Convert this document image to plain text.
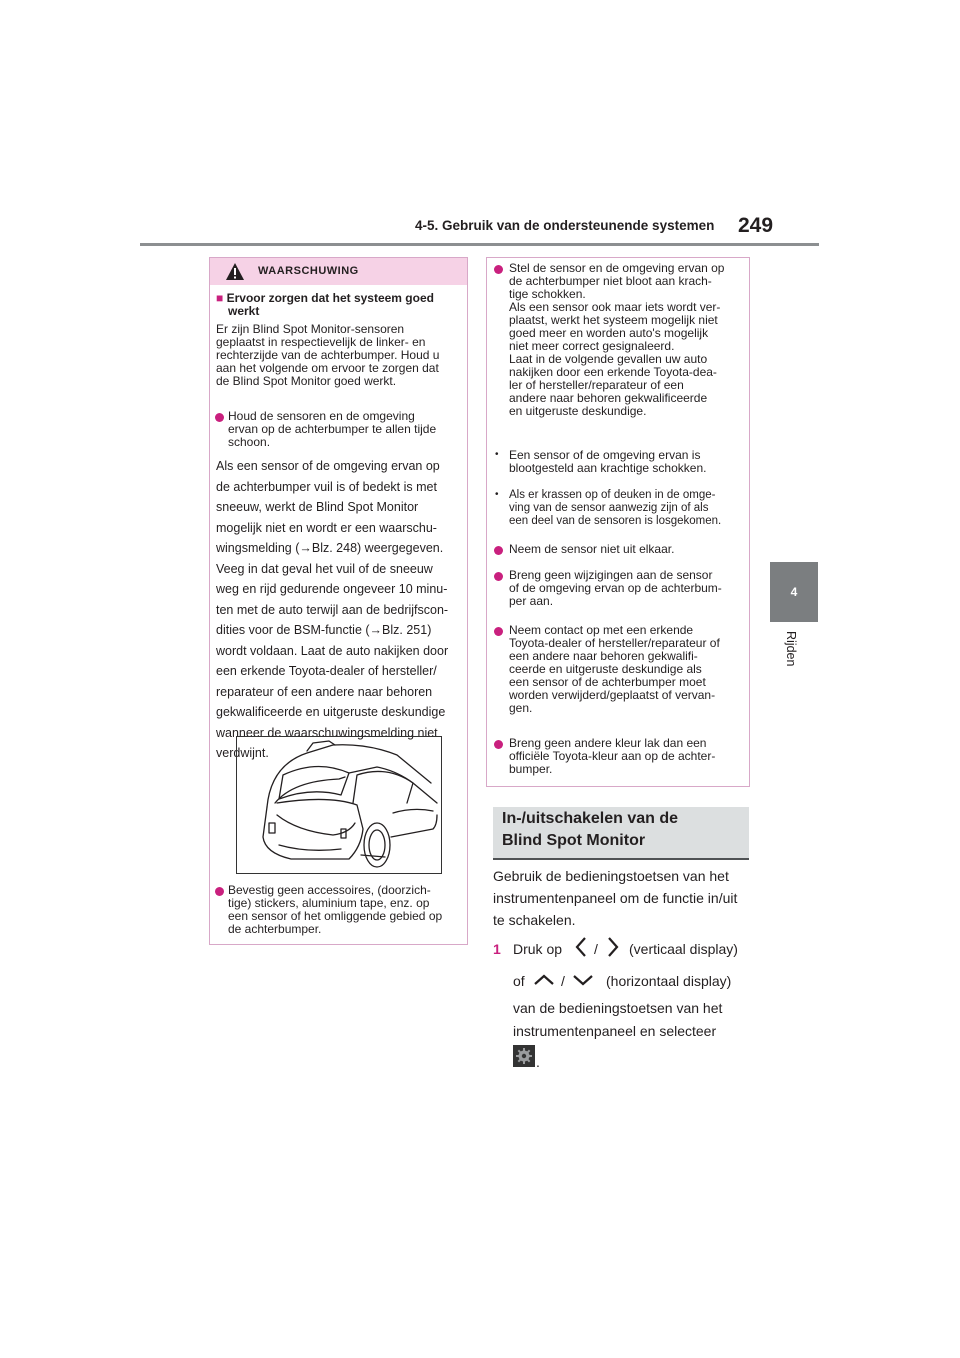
4-5. Gebruik van de ondersteunende systemen 249
4
Rijden
WAARSCHUWING
■ Ervoor zorgen dat het systeem goed
werkt
Er zijn Blind Spot Monitor-sensoren
geplaatst in respectievelijk de linker- en
rechterzijde van de achterbumper. Houd u
aan het volgende om ervoor te zorgen dat
de Blind Spot Monitor goed werkt.
Houd de sensoren en de omgeving
ervan op de achterbumper te allen tijde
schoon.
Als een sensor of de omgeving ervan op
de achterbumper vuil is of bedekt is met
sneeuw, werkt de Blind Spot Monitor
mogelijk niet en wordt er een waarschu-
wingsmelding (→Blz. 248) weergegeven.
Veeg in dat geval het vuil of de sneeuw
weg en rijd gedurende ongeveer 10 minu-
ten met de auto terwijl aan de bedrijfscon-
dities voor de BSM-functie (→Blz. 251)
wordt voldaan. Laat de auto nakijken door
een erkende Toyota-dealer of hersteller/
reparateur of een andere naar behoren
gekwalificeerde en uitgeruste deskundige
wanneer de waarschuwingsmelding niet
verdwijnt.
Bevestig geen accessoires, (doorzich-
tige) stickers, aluminium tape, enz. op
een sensor of het omliggende gebied op
de achterbumper.
Stel de sensor en de omgeving ervan op
de achterbumper niet bloot aan krach-
tige schokken.
Als een sensor ook maar iets wordt ver-
plaatst, werkt het systeem mogelijk niet
goed meer en worden auto's mogelijk
niet meer correct gesignaleerd.
Laat in de volgende gevallen uw auto
nakijken door een erkende Toyota-dea-
ler of hersteller/reparateur of een
andere naar behoren gekwalificeerde
en uitgeruste deskundige.
• Een sensor of de omgeving ervan is
blootgesteld aan krachtige schokken.
• Als er krassen op of deuken in de omge-
ving van de sensor aanwezig zijn of als
een deel van de sensoren is losgekomen.
Neem de sensor niet uit elkaar.
Breng geen wijzigingen aan de sensor
of de omgeving ervan op de achterbum-
per aan.
Neem contact op met een erkende
Toyota-dealer of hersteller/reparateur of
een andere naar behoren gekwalifi-
ceerde en uitgeruste deskundige als
een sensor of de achterbumper moet
worden verwijderd/geplaatst of vervan-
gen.
Breng geen andere kleur lak dan een
officiële Toyota-kleur aan op de achter-
bumper.
In-/uitschakelen van de
Blind Spot Monitor
Gebruik de bedieningstoetsen van het
instrumentenpaneel om de functie in/uit
te schakelen.
1 Druk op / (verticaal display)
of	/	(horizontaal display)
van de bedieningstoetsen van het
instrumentenpaneel en selecteer
.
